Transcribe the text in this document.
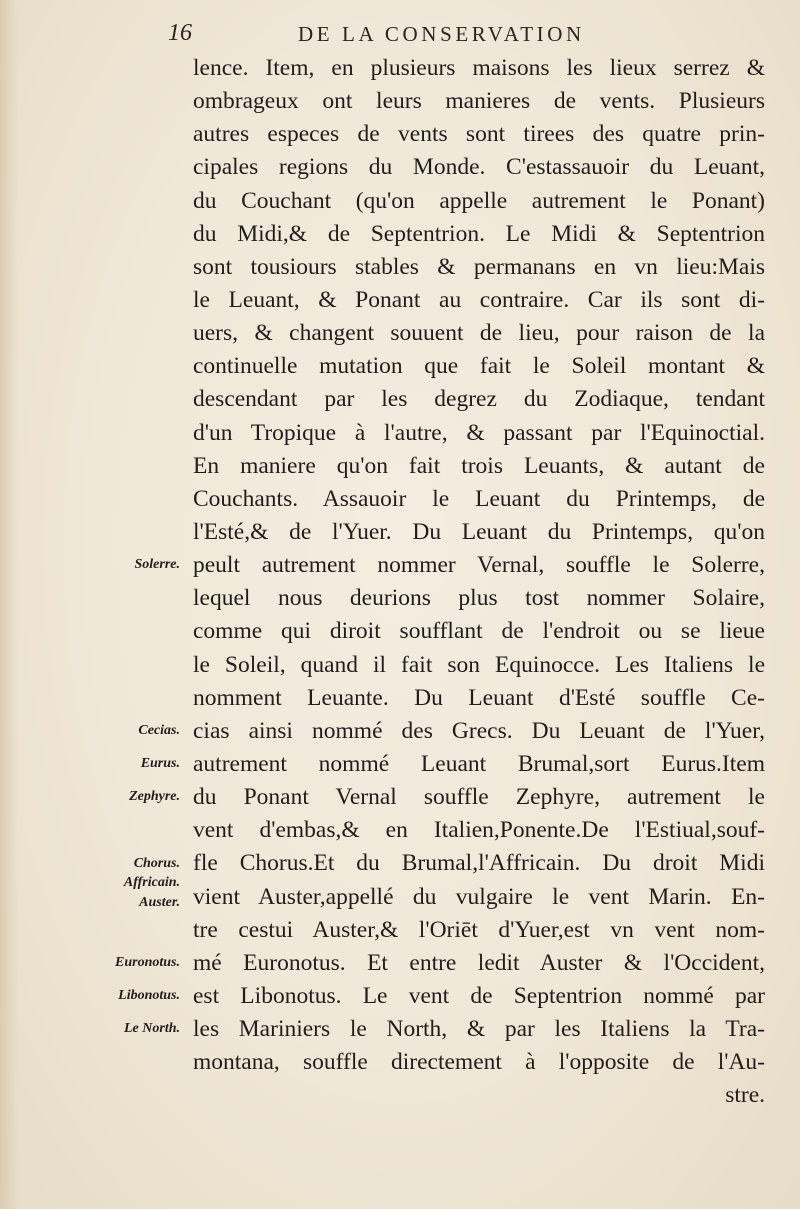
16	DE LA CONSERVATION
lence. Item, en plusieurs maisons les lieux serrez &
ombrageux ont leurs manieres de vents. Plusieurs
autres especes de vents sont tirees des quatre prin-
cipales regions du Monde. C'estassauoir du Leuant,
du Couchant (qu'on appelle autrement le Ponant)
du Midi,& de Septentrion. Le Midi & Septentrion
sont tousiours stables & permanans en vn lieu:Mais
le Leuant, & Ponant au contraire. Car ils sont di-
uers, & changent souuent de lieu, pour raison de la
continuelle mutation que fait le Soleil montant &
descendant par les degrez du Zodiaque, tendant
d'un Tropique à l'autre, & passant par l'Equinoctial.
En maniere qu'on fait trois Leuants, & autant de
Couchants. Assauoir le Leuant du Printemps, de
l'Esté,& de l'Yuer. Du Leuant du Printemps, qu'on
peult autrement nommer Vernal, souffle le Solerre,
lequel nous deurions plus tost nommer Solaire,
comme qui diroit soufflant de l'endroit ou se lieue
le Soleil, quand il fait son Equinocce. Les Italiens le
nomment Leuante. Du Leuant d'Esté souffle Ce-
cias ainsi nommé des Grecs. Du Leuant de l'Yuer,
autrement nommé Leuant Brumal,sort Eurus.Item
du Ponant Vernal souffle Zephyre, autrement le
vent d'embas,& en Italien,Ponente.De l'Estiual,souf-
fle Chorus.Et du Brumal,l'Affricain. Du droit Midi
vient Auster,appellé du vulgaire le vent Marin. En-
tre cestui Auster,& l'Oriēt d'Yuer,est vn vent nom-
mé Euronotus. Et entre ledit Auster & l'Occident,
est Libonotus. Le vent de Septentrion nommé par
les Mariniers le North, & par les Italiens la Tra-
montana, souffle directement à l'opposite de l'Au-
stre.
Solerre.
Cecias.
Eurus.
Zephyre.
Chorus.
Affricain.
Auster.
Euronotus.
Libonotus.
Le North.
